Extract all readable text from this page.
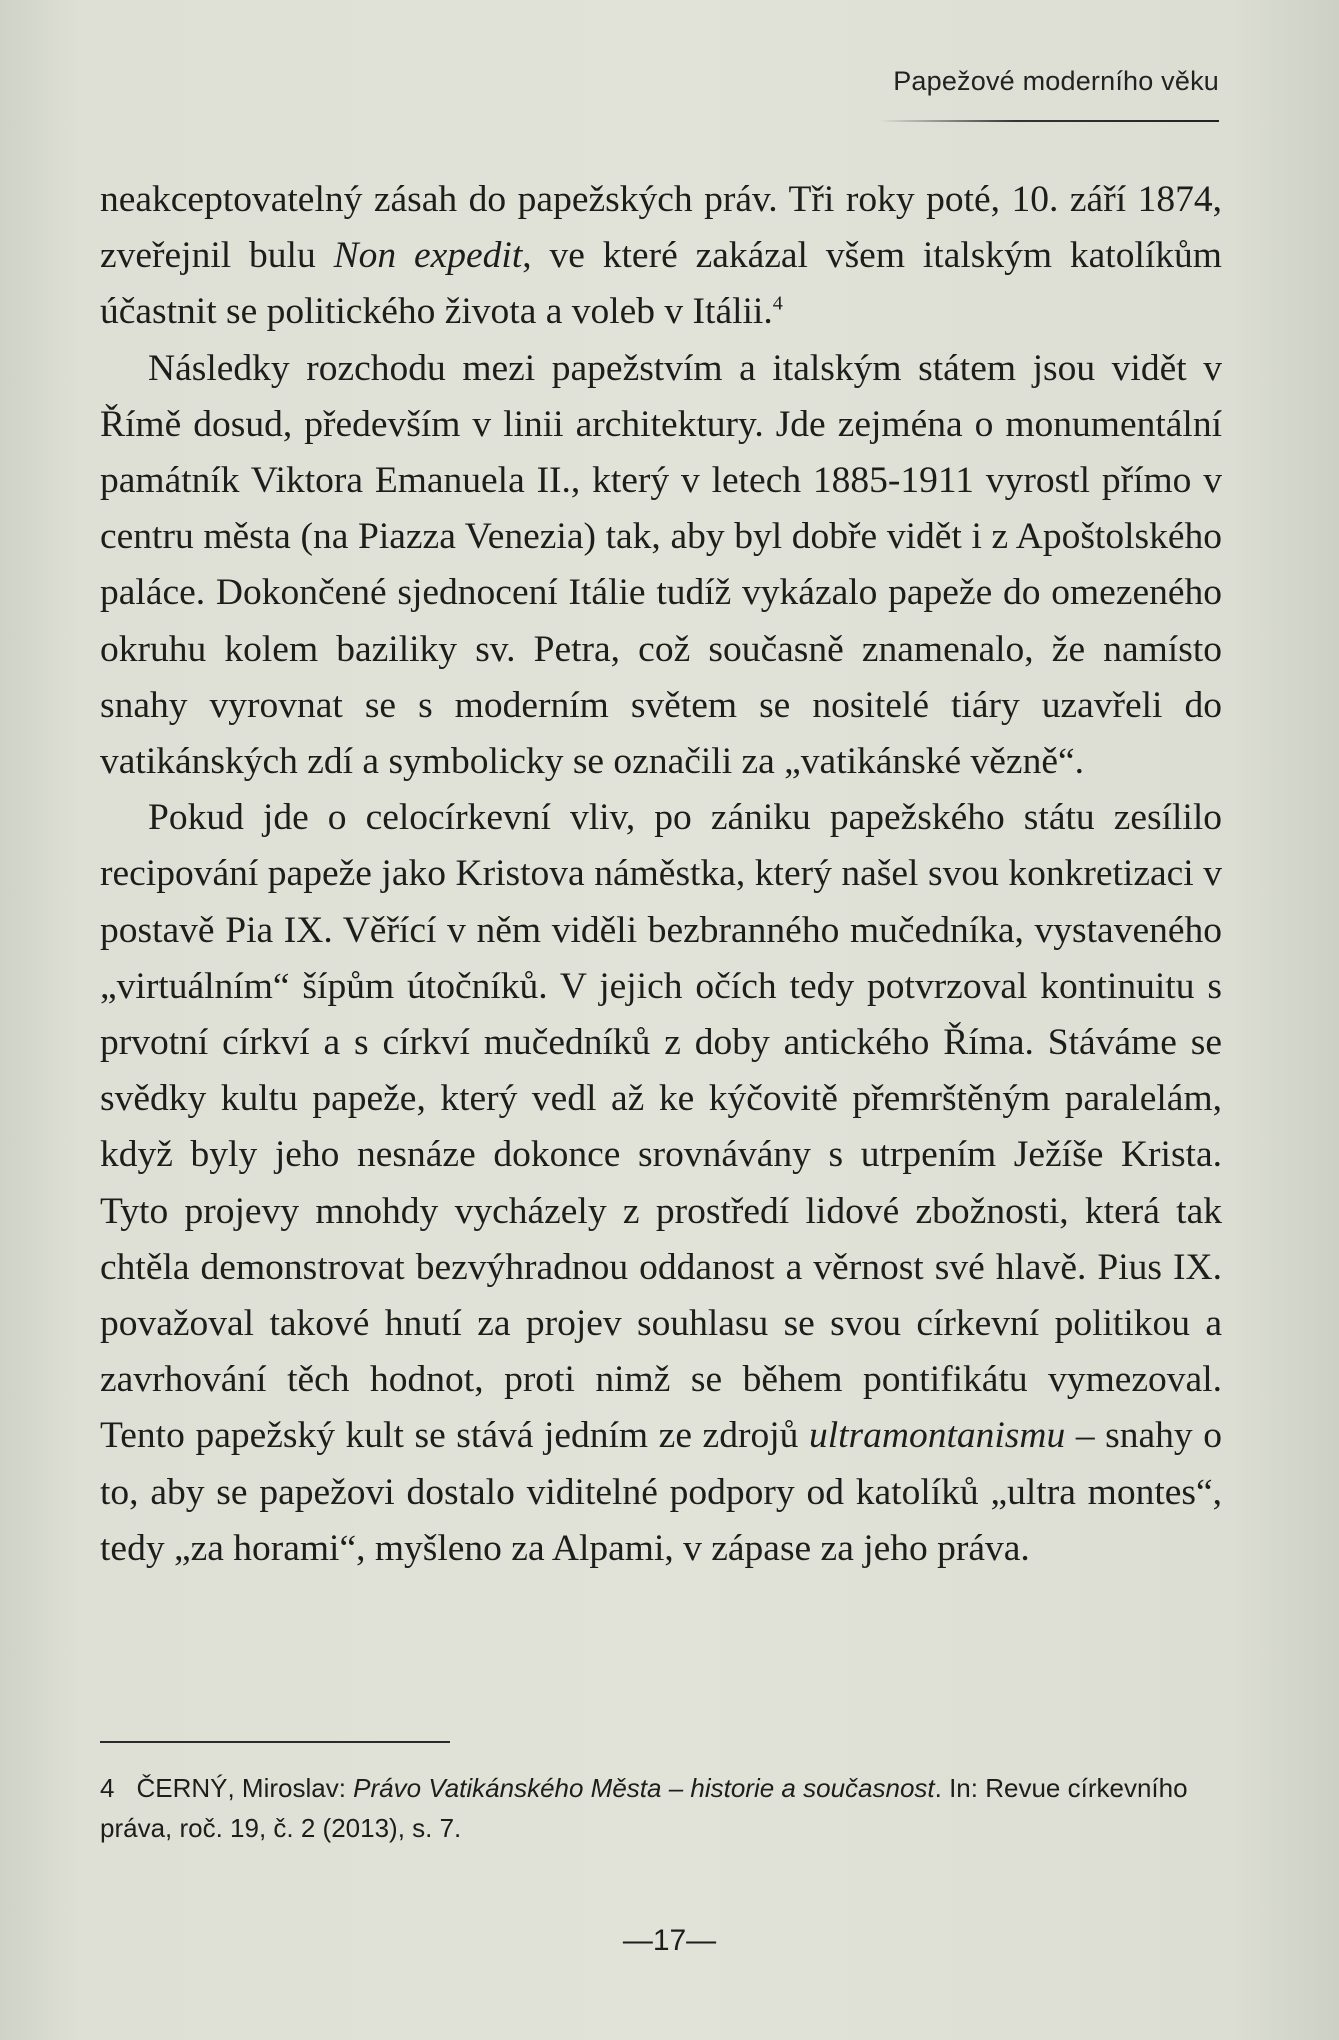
Papežové moderního věku

neakceptovatelný zásah do papežských práv. Tři roky poté, 10. září 1874, zveřejnil bulu Non expedit, ve které zakázal všem italským katolíkům účastnit se politického života a voleb v Itálii.$^4$

Následky rozchodu mezi papežstvím a italským státem jsou vidět v Římě dosud, především v linii architektury. Jde zejména o monumentální památník Viktora Emanuela II., který v letech 1885-1911 vyrostl přímo v centru města (na Piazza Venezia) tak, aby byl dobře vidět i z Apoštolského paláce. Dokončené sjednocení Itálie tudíž vykázalo papeže do omezeného okruhu kolem baziliky sv. Petra, což současně znamenalo, že namísto snahy vyrovnat se s moderním světem se nositelé tiáry uzavřeli do vatikánských zdí a symbolicky se označili za „vatikánské vězně“.

Pokud jde o celocírkevní vliv, po zániku papežského státu zesílilo recipování papeže jako Kristova náměstka, který našel svou konkretizaci v postavě Pia IX. Věřící v něm viděli bezbranného mučedníka, vystaveného „virtuálním“ šípům útočníků. V jejich očích tedy potvrzoval kontinuitu s prvotní církví a s církví mučedníků z doby antického Říma. Stáváme se svědky kultu papeže, který vedl až ke kýčovitě přemrštěným paralelám, když byly jeho nesnáze dokonce srovnávány s utrpením Ježíše Krista. Tyto projevy mnohdy vycházely z prostředí lidové zbožnosti, která tak chtěla demonstrovat bezvýhradnou oddanost a věrnost své hlavě. Pius IX. považoval takové hnutí za projev souhlasu se svou církevní politikou a zavrhování těch hodnot, proti nimž se během pontifikátu vymezoval. Tento papežský kult se stává jedním ze zdrojů ultramontanismu – snahy o to, aby se papežovi dostalo viditelné podpory od katolíků „ultra montes“, tedy „za horami“, myšleno za Alpami, v zápase za jeho práva.

4 ČERNÝ, Miroslav: Právo Vatikánského Města – historie a současnost. In: Revue církevního práva, roč. 19, č. 2 (2013), s. 7.
—17—
